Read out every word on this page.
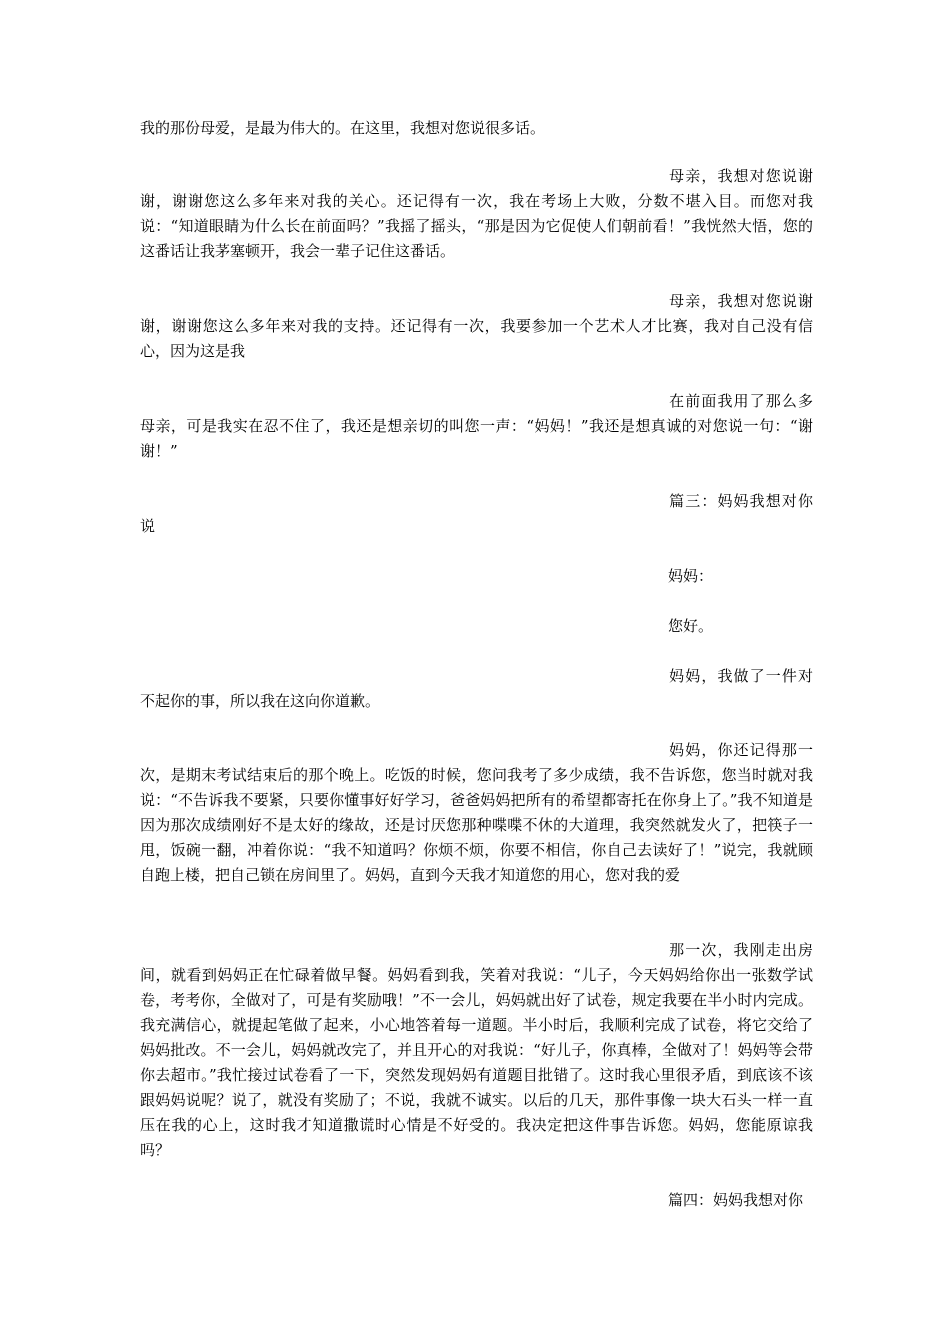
我的那份母爱，是最为伟大的。在这里，我想对您说很多话。
母亲，我想对您说谢谢，谢谢您这么多年来对我的关心。还记得有一次，我在考场上大败，分数不堪入目。而您对我说：“知道眼睛为什么长在前面吗？”我摇了摇头，“那是因为它促使人们朝前看！”我恍然大悟，您的这番话让我茅塞顿开，我会一辈子记住这番话。
母亲，我想对您说谢谢，谢谢您这么多年来对我的支持。还记得有一次，我要参加一个艺术人才比赛，我对自己没有信心，因为这是我
在前面我用了那么多母亲，可是我实在忍不住了，我还是想亲切的叫您一声：“妈妈！”我还是想真诚的对您说一句：“谢谢！”
篇三：妈妈我想对你说
妈妈：
您好。
妈妈，我做了一件对不起你的事，所以我在这向你道歉。
妈妈，你还记得那一次，是期末考试结束后的那个晚上。吃饭的时候，您问我考了多少成绩，我不告诉您，您当时就对我说：“不告诉我不要紧，只要你懂事好好学习，爸爸妈妈把所有的希望都寄托在你身上了。”我不知道是因为那次成绩刚好不是太好的缘故，还是讨厌您那种喋喋不休的大道理，我突然就发火了，把筷子一甩，饭碗一翻，冲着你说：“我不知道吗？你烦不烦，你要不相信，你自己去读好了！”说完，我就顾自跑上楼，把自己锁在房间里了。妈妈，直到今天我才知道您的用心，您对我的爱
那一次，我刚走出房间，就看到妈妈正在忙碌着做早餐。妈妈看到我，笑着对我说：“儿子，今天妈妈给你出一张数学试卷，考考你，全做对了，可是有奖励哦！”不一会儿，妈妈就出好了试卷，规定我要在半小时内完成。我充满信心，就提起笔做了起来，小心地答着每一道题。半小时后，我顺利完成了试卷，将它交给了妈妈批改。不一会儿，妈妈就改完了，并且开心的对我说：“好儿子，你真棒，全做对了！妈妈等会带你去超市。”我忙接过试卷看了一下，突然发现妈妈有道题目批错了。这时我心里很矛盾，到底该不该跟妈妈说呢？说了，就没有奖励了；不说，我就不诚实。以后的几天，那件事像一块大石头一样一直压在我的心上，这时我才知道撒谎时心情是不好受的。我决定把这件事告诉您。妈妈，您能原谅我吗？
篇四：妈妈我想对你
